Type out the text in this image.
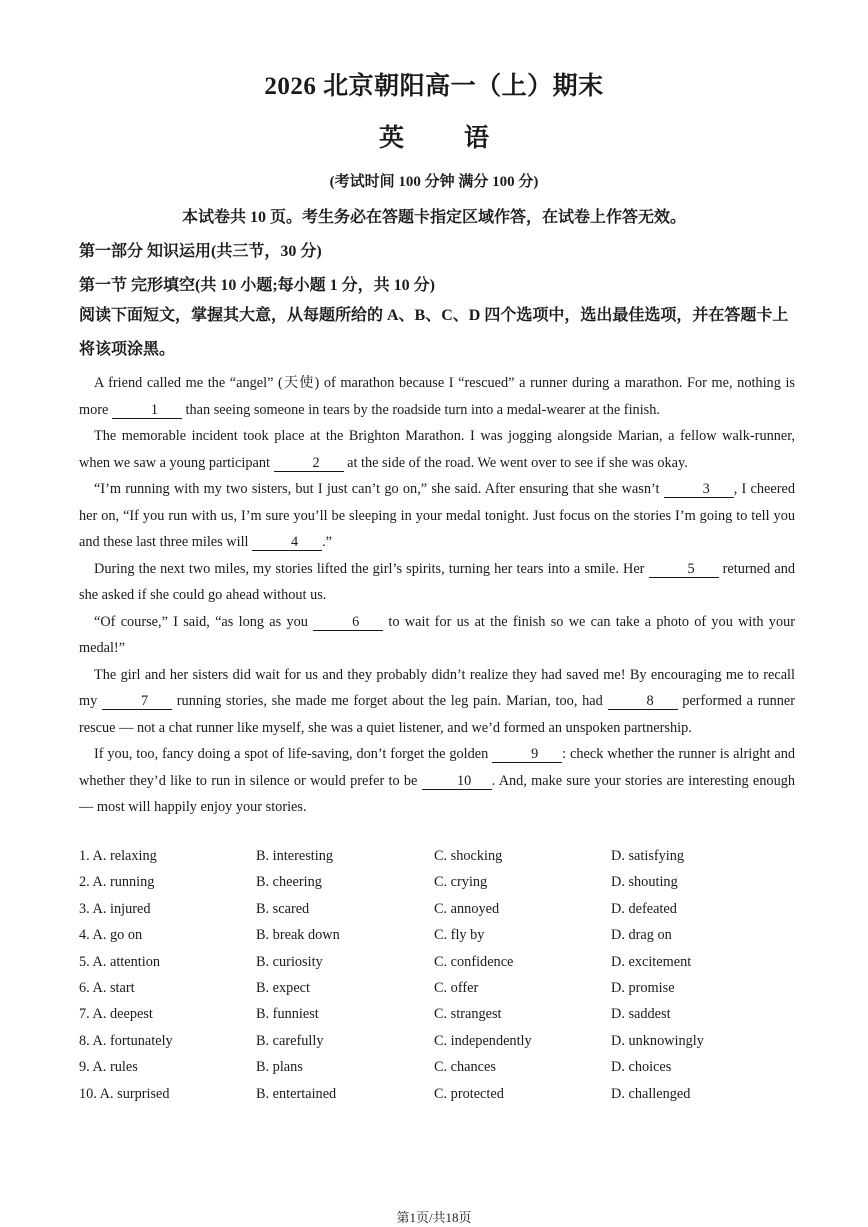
2026 北京朝阳高一（上）期末
英 语
(考试时间 100 分钟 满分 100 分)
本试卷共 10 页。考生务必在答题卡指定区域作答，在试卷上作答无效。
第一部分 知识运用(共三节，30 分)
第一节 完形填空(共 10 小题;每小题 1 分，共 10 分)
阅读下面短文，掌握其大意，从每题所给的 A、B、C、D 四个选项中，选出最佳选项，并在答题卡上将该项涂黑。

A friend called me the “angel” (天使) of marathon because I “rescued” a runner during a marathon. For me, nothing is more	1 than seeing someone in tears by the roadside turn into a medal-wearer at the finish.

The memorable incident took place at the Brighton Marathon. I was jogging alongside Marian, a fellow walk-runner, when we saw a young participant	2 at the side of the road. We went over to see if she was okay.

“I’m running with my two sisters, but I just can’t go on,” she said. After ensuring that she wasn’t	3 , I cheered her on, “If you run with us, I’m sure you’ll be sleeping in your medal tonight. Just focus on the stories I’m going to tell you and these last three miles will	4 .”

During the next two miles, my stories lifted the girl’s spirits, turning her tears into a smile. Her	5 returned and she asked if she could go ahead without us.

“Of course,” I said, “as long as you	6 to wait for us at the finish so we can take a photo of you with your medal!”

The girl and her sisters did wait for us and they probably didn’t realize they had saved me! By encouraging me to recall my	7 running stories, she made me forget about the leg pain. Marian, too, had	8 performed a runner rescue — not a chat runner like myself, she was a quiet listener, and we’d formed an unspoken partnership.

If you, too, fancy doing a spot of life-saving, don’t forget the golden	9 : check whether the runner is alright and whether they’d like to run in silence or would prefer to be 10 . And, make sure your stories are interesting enough — most will happily enjoy your stories.

1. A. relaxing	B. interesting	C. shocking	D. satisfying
2. A. running	B. cheering	C. crying	D. shouting
3. A. injured	B. scared	C. annoyed	D. defeated
4. A. go on	B. break down	C. fly by	D. drag on
5. A. attention	B. curiosity	C. confidence	D. excitement
6. A. start	B. expect	C. offer	D. promise
7. A. deepest	B. funniest	C. strangest	D. saddest
8. A. fortunately	B. carefully	C. independently	D. unknowingly
9. A. rules	B. plans	C. chances	D. choices
10. A. surprised	B. entertained	C. protected	D. challenged
第1页/共18页
